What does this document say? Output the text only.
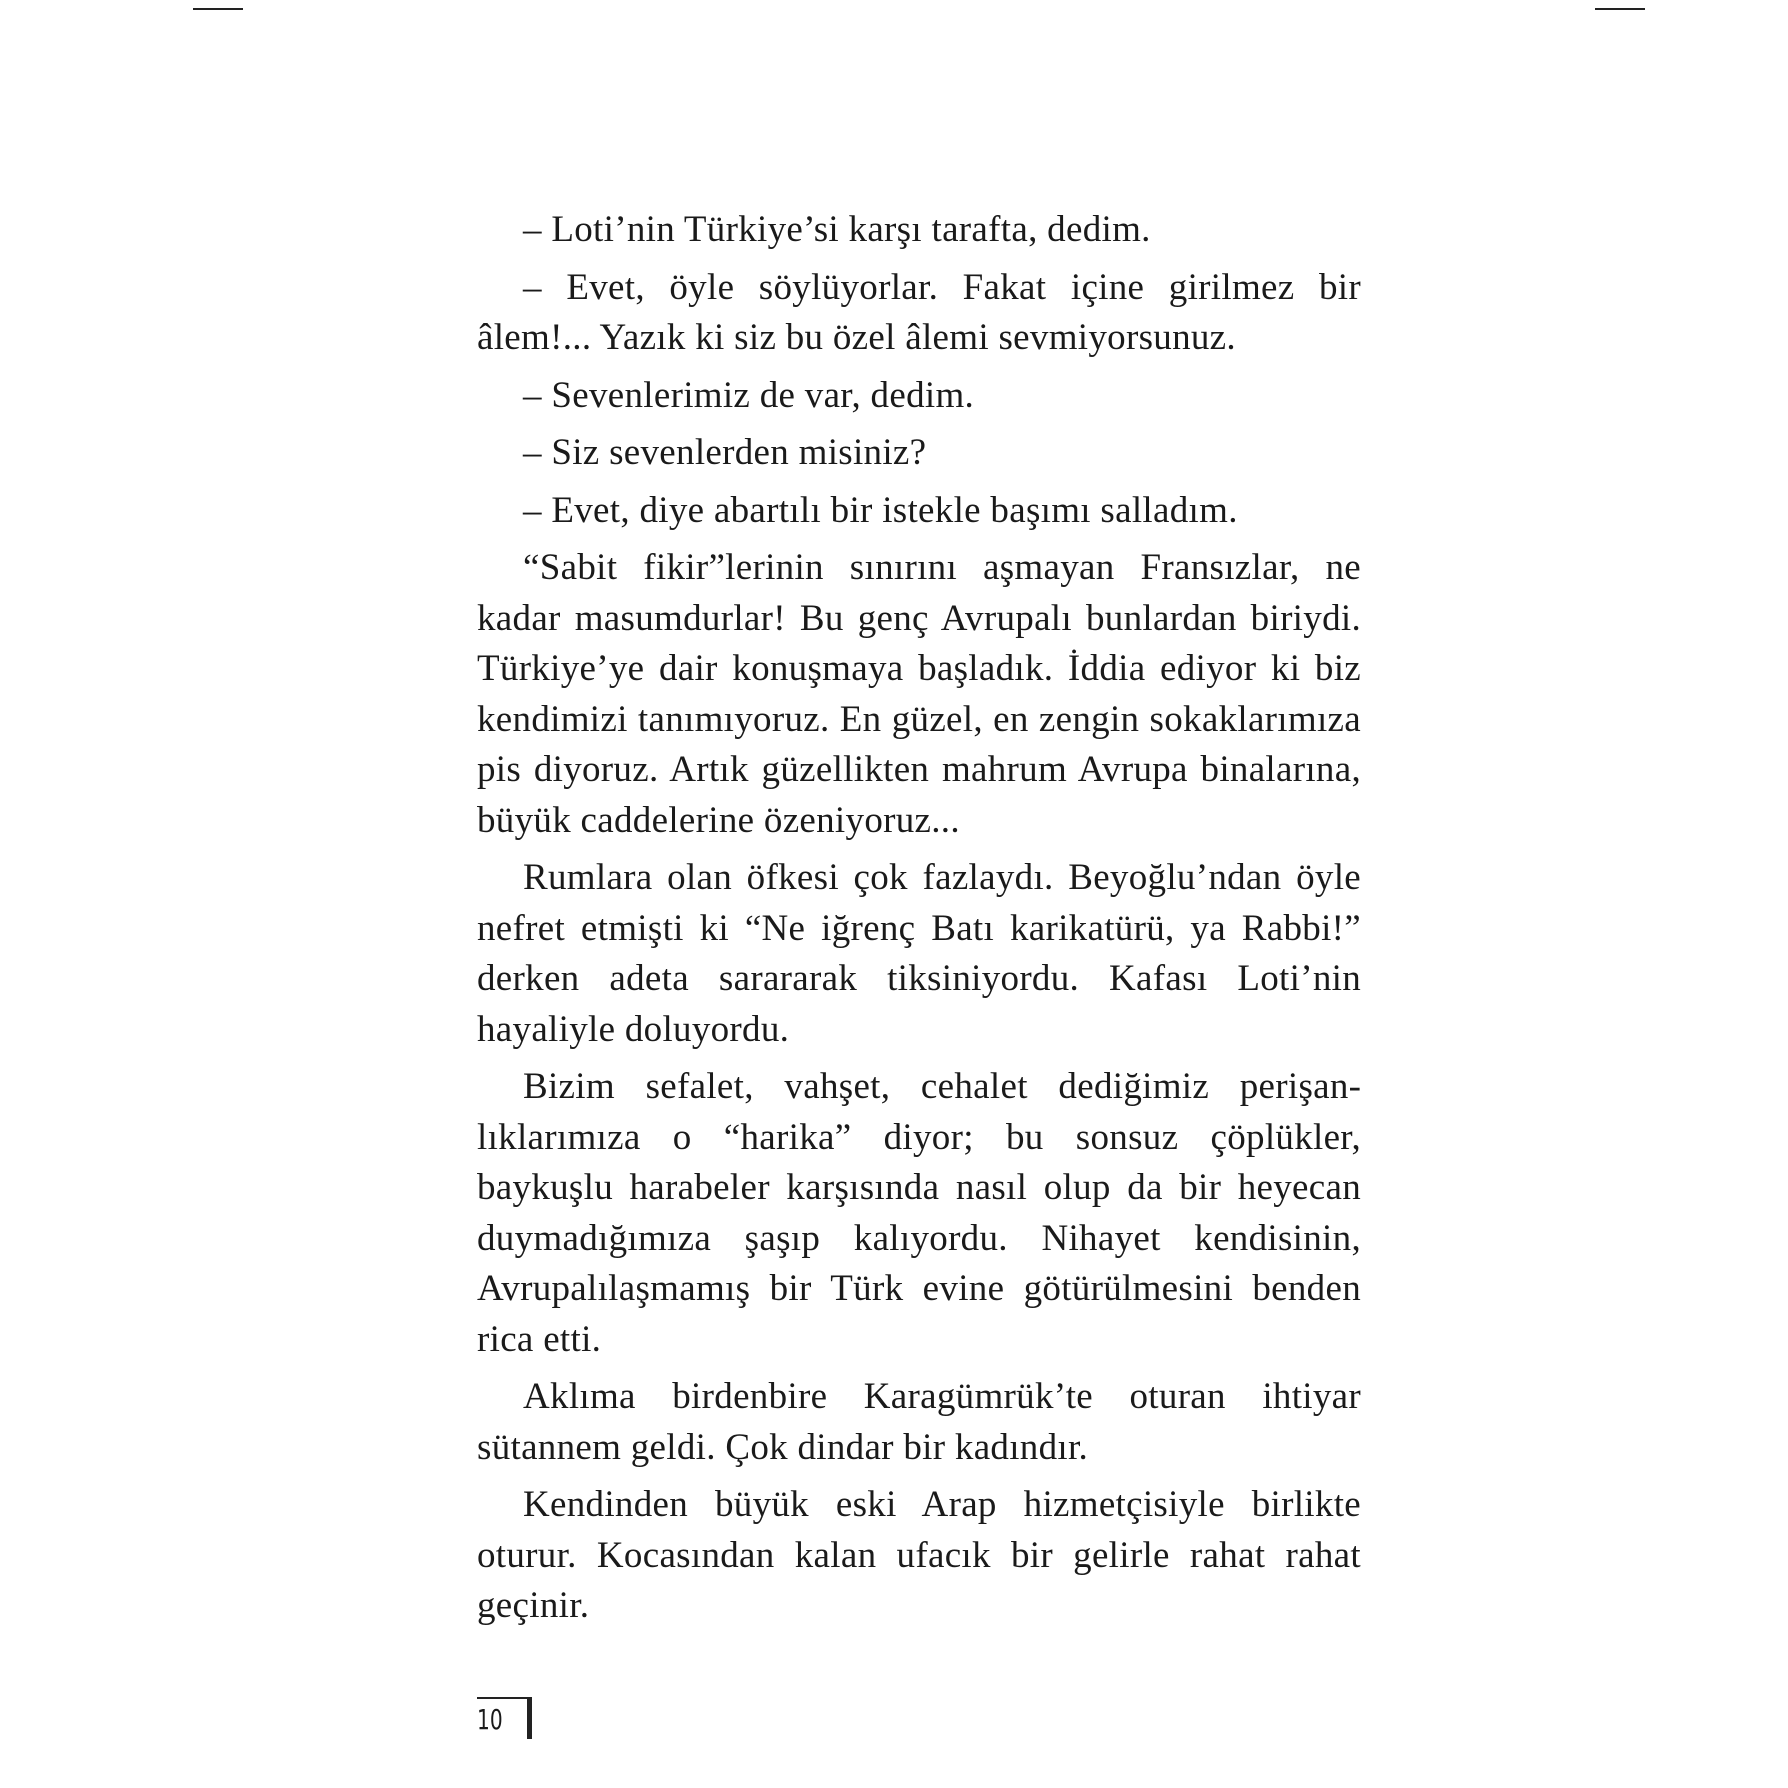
– Loti’nin Türkiye’si karşı tarafta, dedim.

– Evet, öyle söylüyorlar. Fakat içine girilmez bir âlem!... Yazık ki siz bu özel âlemi sevmiyorsunuz.

– Sevenlerimiz de var, dedim.

– Siz sevenlerden misiniz?

– Evet, diye abartılı bir istekle başımı salladım.

“Sabit fikir”lerinin sınırını aşmayan Fransızlar, ne kadar masumdurlar! Bu genç Avrupalı bunlardan biriydi. Türkiye’ye dair konuşmaya başladık. İddia ediyor ki biz kendimizi tanımıyoruz. En güzel, en zengin sokaklarımıza pis diyoruz. Artık güzellikten mahrum Avrupa binalarına, büyük caddelerine özeniyoruz...

Rumlara olan öfkesi çok fazlaydı. Beyoğlu’ndan öyle nefret etmişti ki “Ne iğrenç Batı karikatürü, ya Rabbi!” derken adeta sarararak tiksiniyordu. Kafası Loti’nin hayaliyle doluyordu.

Bizim sefalet, vahşet, cehalet dediğimiz perişanlıklarımıza o “harika” diyor; bu sonsuz çöplükler, baykuşlu harabeler karşısında nasıl olup da bir heyecan duymadığımıza şaşıp kalıyordu. Nihayet kendisinin, Avrupalılaşmamış bir Türk evine götürülmesini benden rica etti.

Aklıma birdenbire Karagümrük’te oturan ihtiyar sütannem geldi. Çok dindar bir kadındır.

Kendinden büyük eski Arap hizmetçisiyle birlikte oturur. Kocasından kalan ufacık bir gelirle rahat rahat geçinir.

10
